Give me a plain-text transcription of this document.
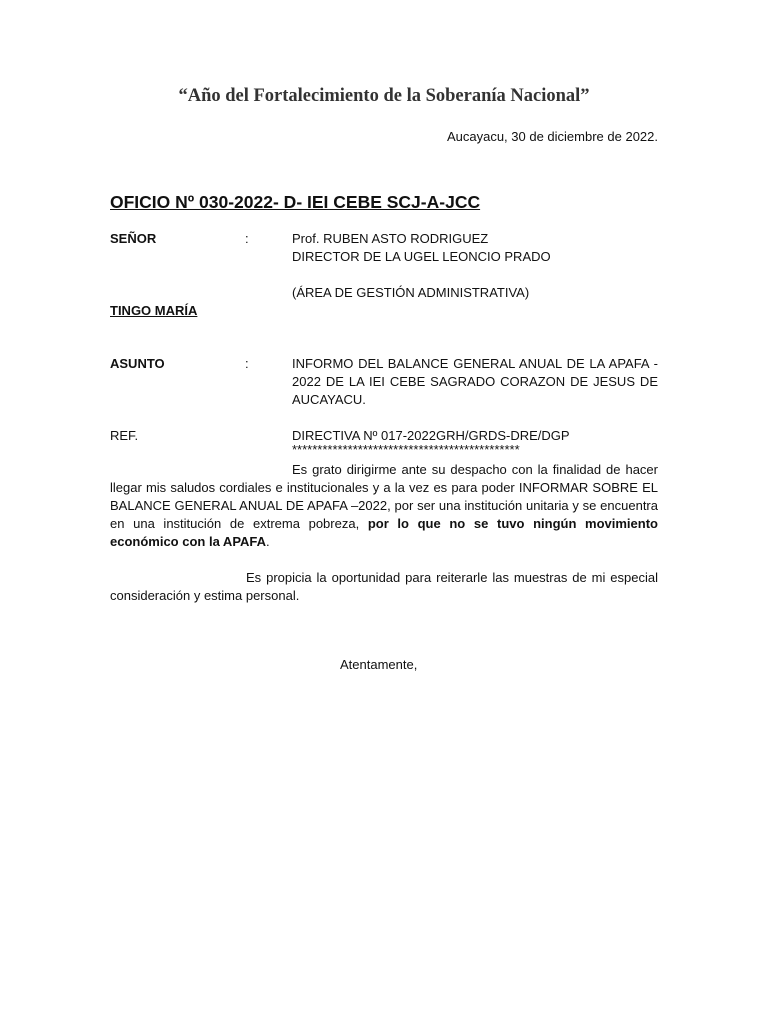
“Año del Fortalecimiento de la Soberanía Nacional”
Aucayacu, 30 de diciembre de 2022.
OFICIO Nº 030-2022- D- IEI CEBE SCJ-A-JCC
SEÑOR	:	Prof. RUBEN ASTO RODRIGUEZ
DIRECTOR DE LA UGEL LEONCIO PRADO
(ÁREA DE GESTIÓN ADMINISTRATIVA)
TINGO MARÍA
ASUNTO	:	INFORMO DEL BALANCE GENERAL ANUAL DE LA APAFA - 2022 DE LA IEI CEBE SAGRADO CORAZON DE JESUS DE AUCAYACU.
REF.	DIRECTIVA Nº 017-2022GRH/GRDS-DRE/DGP
*********************************************
Es grato dirigirme ante su despacho con la finalidad de hacer llegar mis saludos cordiales e institucionales y a la vez es para poder INFORMAR SOBRE EL BALANCE GENERAL ANUAL DE APAFA –2022, por ser una institución unitaria y se encuentra en una institución de extrema pobreza, por lo que no se tuvo ningún movimiento económico con la APAFA.
Es propicia la oportunidad para reiterarle las muestras de mi especial consideración y estima personal.
Atentamente,
